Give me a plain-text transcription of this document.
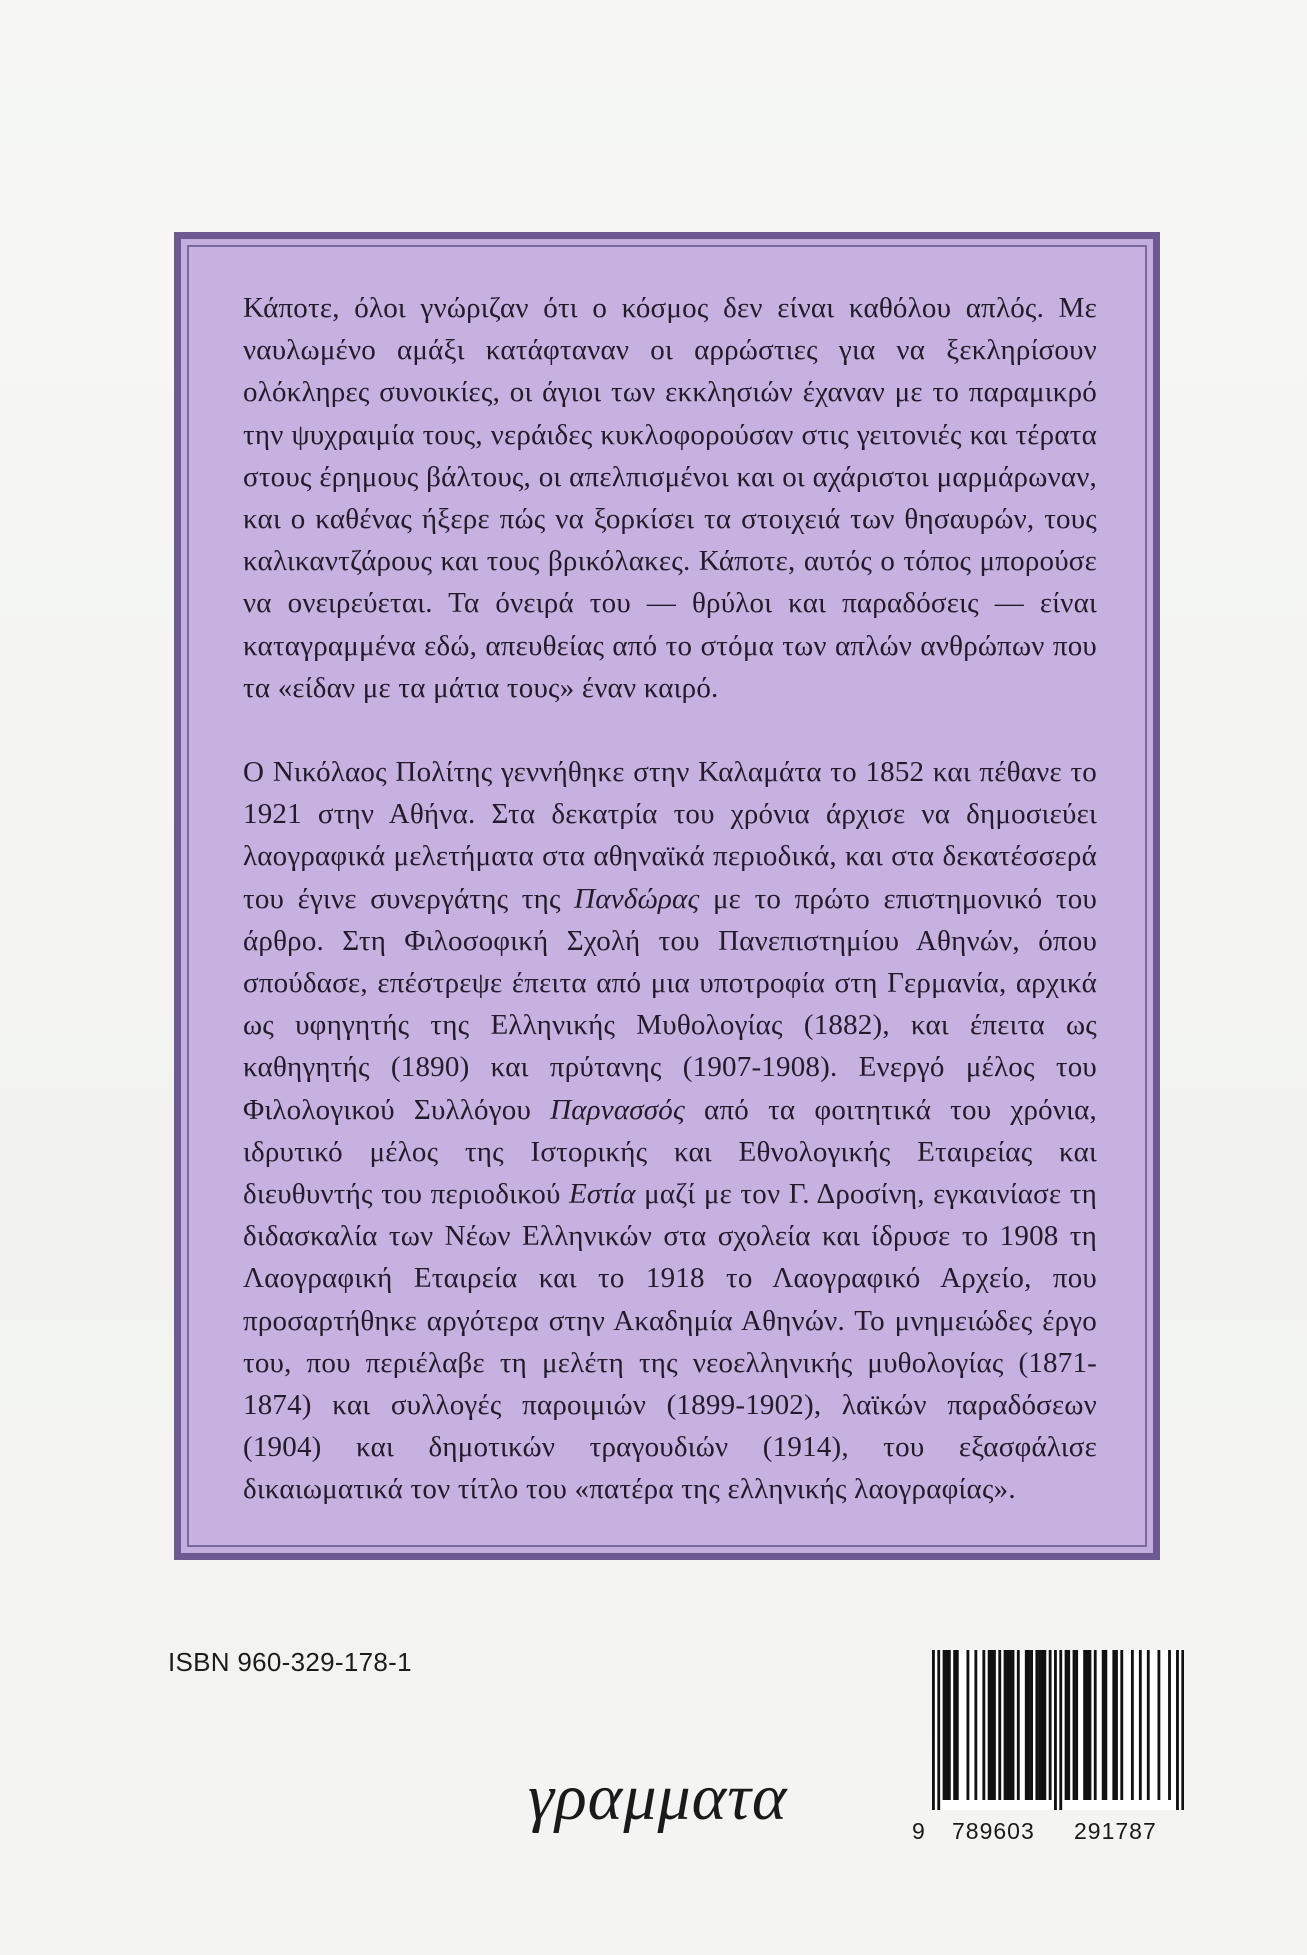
Κάποτε, όλοι γνώριζαν ότι ο κόσμος δεν είναι καθόλου απλός. Με ναυλωμένο αμάξι κατάφταναν οι αρρώστιες για να ξεκληρίσουν ολόκληρες συνοικίες, οι άγιοι των εκκλησιών έχαναν με το παραμικρό την ψυχραιμία τους, νεράιδες κυκλοφορούσαν στις γειτονιές και τέρατα στους έρημους βάλτους, οι απελπισμένοι και οι αχάριστοι μαρμάρωναν, και ο καθένας ήξερε πώς να ξορκίσει τα στοιχειά των θησαυρών, τους καλικαντζάρους και τους βρικόλακες. Κάποτε, αυτός ο τόπος μπορούσε να ονειρεύεται. Τα όνειρά του — θρύλοι και παραδόσεις — είναι καταγραμμένα εδώ, απευθείας από το στόμα των απλών ανθρώπων που τα «είδαν με τα μάτια τους» έναν καιρό.

Ο Νικόλαος Πολίτης γεννήθηκε στην Καλαμάτα το 1852 και πέθανε το 1921 στην Αθήνα. Στα δεκατρία του χρόνια άρχισε να δημοσιεύει λαογραφικά μελετήματα στα αθηναϊκά περιοδικά, και στα δεκατέσσερά του έγινε συνεργάτης της Πανδώρας με το πρώτο επιστημονικό του άρθρο. Στη Φιλοσοφική Σχολή του Πανεπιστημίου Αθηνών, όπου σπούδασε, επέστρεψε έπειτα από μια υποτροφία στη Γερμανία, αρχικά ως υφηγητής της Ελληνικής Μυθολογίας (1882), και έπειτα ως καθηγητής (1890) και πρύτανης (1907-1908). Ενεργό μέλος του Φιλολογικού Συλλόγου Παρνασσός από τα φοιτητικά του χρόνια, ιδρυτικό μέλος της Ιστορικής και Εθνολογικής Εταιρείας και διευθυντής του περιοδικού Εστία μαζί με τον Γ. Δροσίνη, εγκαινίασε τη διδασκαλία των Νέων Ελληνικών στα σχολεία και ίδρυσε το 1908 τη Λαογραφική Εταιρεία και το 1918 το Λαογραφικό Αρχείο, που προσαρτήθηκε αργότερα στην Ακαδημία Αθηνών. Το μνημειώδες έργο του, που περιέλαβε τη μελέτη της νεοελληνικής μυθολογίας (1871-1874) και συλλογές παροιμιών (1899-1902), λαϊκών παραδόσεων (1904) και δημοτικών τραγουδιών (1914), του εξασφάλισε δικαιωματικά τον τίτλο του «πατέρα της ελληνικής λαογραφίας».

ISBN 960-329-178-1
γραμματα	9 789603 291787
